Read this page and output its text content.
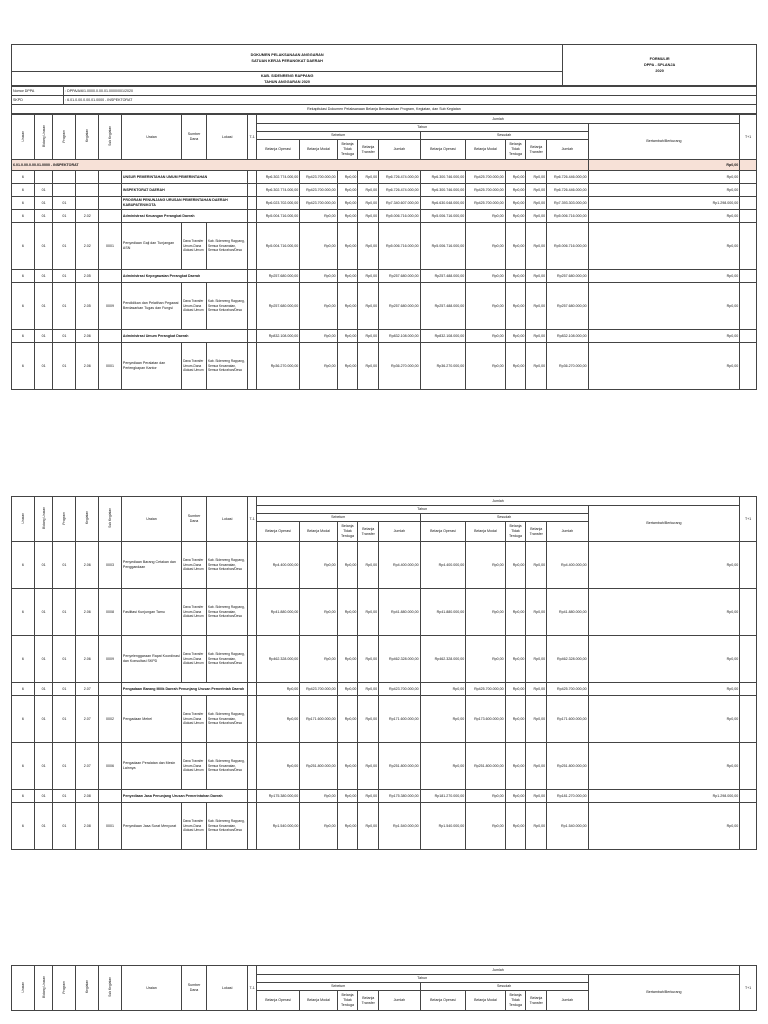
DOKUMEN PELAKSANAAN ANGGARAN
SATUAN KERJA PERANGKAT DAERAH	FORMULIR
DPPA - SPLANJA
2020

KAB. SIDENRENG RAPPANG
TAHUN ANGGARAN 2020
Nomor DPPA	: DPPA/A/6/1.0000.0.00.01.0000/001/2020
SKPD	: 6.01.0.00.0.00.01.0000 - INSPEKTORAT
Rekapitulasi Dokumen Pelaksanaan Belanja Berdasarkan Program, Kegiatan, dan Sub Kegiatan	
Urusan	Bidang Urusan	Program	Kegiatan	Sub Kegiatan	Uraian	Sumber Dana	Lokasi	T-1	Jumlah											T+1
									Tahun										Bertambah/Berkurang	
									Sebelum					Sesudah						
									Belanja Operasi	Belanja Modal	Belanja Tidak Terduga	Belanja Transfer	Jumlah	Belanja Operasi	Belanja Modal	Belanja Tidak Terduga	Belanja Transfer	Jumlah		
6.01.0.00.0.00.01.0000 - INSPEKTORAT																			Rp0,00	
6					UNSUR PEMERINTAHAN UMUM PEMERINTAHAN				Rp6.302.774.000,00	Rp423.700.000,00	Rp0,00	Rp0,00	Rp6.726.474.000,00	Rp6.300.746.000,00	Rp425.700.000,00	Rp0,00	Rp0,00	Rp6.726.446.000,00	Rp0,00	
6	01				INSPEKTORAT DAERAH				Rp6.302.774.000,00	Rp423.700.000,00	Rp0,00	Rp0,00	Rp6.726.474.000,00	Rp6.300.746.000,00	Rp425.700.000,00	Rp0,00	Rp0,00	Rp6.726.446.000,00	Rp0,00	
6	01	01			PROGRAM PENUNJANG URUSAN PEMERINTAHAN DAERAH KABUPATEN/KOTA				Rp6.023.702.000,00	Rp423.700.000,00	Rp0,00	Rp0,00	Rp7.340.607.000,00	Rp6.630.048.000,00	Rp425.700.000,00	Rp0,00	Rp0,00	Rp7.393.303.000,00	Rp1.298.000,00	
6	01	01	2.02		Administrasi Keuangan Perangkat Daerah				Rp5.004.716.000,00	Rp0,00	Rp0,00	Rp0,00	Rp5.006.716.000,00	Rp5.006.716.000,00	Rp0,00	Rp0,00	Rp0,00	Rp5.006.716.000,00	Rp0,00	
6	01	01	2.02	0001	Penyediaan Gaji dan Tunjangan ASN	Dana Transfer Umum-Dana Alokasi Umum	Kab. Sidenreng Rappang, Semua Kecamatan, Semua Kelurahan/Desa		Rp5.004.716.000,00	Rp0,00	Rp0,00	Rp0,00	Rp5.006.716.000,00	Rp5.006.716.000,00	Rp0,00	Rp0,00	Rp0,00	Rp5.006.716.000,00	Rp0,00	
6	01	01	2.05		Administrasi Kepegawaian Perangkat Daerah				Rp257.680.000,00	Rp0,00	Rp0,00	Rp0,00	Rp257.680.000,00	Rp257.488.000,00	Rp0,00	Rp0,00	Rp0,00	Rp257.680.000,00	Rp0,00	
6	01	01	2.05	0009	Pendidikan dan Pelatihan Pegawai Berdasarkan Tugas dan Fungsi	Dana Transfer Umum-Dana Alokasi Umum	Kab. Sidenreng Rappang, Semua Kecamatan, Semua Kelurahan/Desa		Rp257.680.000,00	Rp0,00	Rp0,00	Rp0,00	Rp257.680.000,00	Rp257.488.000,00	Rp0,00	Rp0,00	Rp0,00	Rp257.680.000,00	Rp0,00	
6	01	01	2.06		Administrasi Umum Perangkat Daerah				Rp832.108.000,00	Rp0,00	Rp0,00	Rp0,00	Rp832.108.000,00	Rp832.108.000,00	Rp0,00	Rp0,00	Rp0,00	Rp832.108.000,00	Rp0,00	
6	01	01	2.06	0001	Penyediaan Peralatan dan Perlengkapan Kantor	Dana Transfer Umum-Dana Alokasi Umum	Kab. Sidenreng Rappang, Semua Kecamatan, Semua Kelurahan/Desa		Rp36.270.000,00	Rp0,00	Rp0,00	Rp0,00	Rp36.270.000,00	Rp36.270.000,00	Rp0,00	Rp0,00	Rp0,00	Rp36.270.000,00	Rp0,00	
Urusan	Bidang Urusan	Program	Kegiatan	Sub Kegiatan	Uraian	Sumber Dana	Lokasi	T-1	Jumlah											T+1
									Tahun										Bertambah/Berkurang	
									Sebelum					Sesudah						
									Belanja Operasi	Belanja Modal	Belanja Tidak Terduga	Belanja Transfer	Jumlah	Belanja Operasi	Belanja Modal	Belanja Tidak Terduga	Belanja Transfer	Jumlah		
6	01	01	2.06	0003	Penyediaan Barang Cetakan dan Penggandaan	Dana Transfer Umum-Dana Alokasi Umum	Kab. Sidenreng Rappang, Semua Kecamatan, Semua Kelurahan/Desa		Rp4.400.000,00	Rp0,00	Rp0,00	Rp0,00	Rp4.400.000,00	Rp4.400.000,00	Rp0,00	Rp0,00	Rp0,00	Rp4.400.000,00	Rp0,00	
6	01	01	2.06	0008	Fasilitasi Kunjungan Tamu	Dana Transfer Umum-Dana Alokasi Umum	Kab. Sidenreng Rappang, Semua Kecamatan, Semua Kelurahan/Desa		Rp41.880.000,00	Rp0,00	Rp0,00	Rp0,00	Rp41.880.000,00	Rp41.880.000,00	Rp0,00	Rp0,00	Rp0,00	Rp41.880.000,00	Rp0,00	
6	01	01	2.06	0009	Penyelenggaraan Rapat Koordinasi dan Konsultasi SKPD	Dana Transfer Umum-Dana Alokasi Umum	Kab. Sidenreng Rappang, Semua Kecamatan, Semua Kelurahan/Desa		Rp462.328.000,00	Rp0,00	Rp0,00	Rp0,00	Rp462.328.000,00	Rp462.328.000,00	Rp0,00	Rp0,00	Rp0,00	Rp462.328.000,00	Rp0,00	
6	01	01	2.07		Pengadaan Barang Milik Daerah Penunjang Urusan Pemerintah Daerah				Rp0,00	Rp423.700.000,00	Rp0,00	Rp0,00	Rp423.700.000,00	Rp0,00	Rp425.700.000,00	Rp0,00	Rp0,00	Rp425.700.000,00	Rp0,00	
6	01	01	2.07	0002	Pengadaan Mebel	Dana Transfer Umum-Dana Alokasi Umum	Kab. Sidenreng Rappang, Semua Kecamatan, Semua Kelurahan/Desa		Rp0,00	Rp171.600.000,00	Rp0,00	Rp0,00	Rp171.600.000,00	Rp0,00	Rp173.600.000,00	Rp0,00	Rp0,00	Rp171.600.000,00	Rp0,00	
6	01	01	2.07	0006	Pengadaan Peralatan dan Mesin Lainnya	Dana Transfer Umum-Dana Alokasi Umum	Kab. Sidenreng Rappang, Semua Kecamatan, Semua Kelurahan/Desa		Rp0,00	Rp251.800.000,00	Rp0,00	Rp0,00	Rp251.800.000,00	Rp0,00	Rp251.800.000,00	Rp0,00	Rp0,00	Rp251.800.000,00	Rp0,00	
6	01	01	2.08		Penyediaan Jasa Penunjang Urusan Pemerintahan Daerah				Rp175.380.000,00	Rp0,00	Rp0,00	Rp0,00	Rp175.380.000,00	Rp181.270.000,00	Rp0,00	Rp0,00	Rp0,00	Rp181.270.000,00	Rp1.298.000,00	
6	01	01	2.08	0001	Penyediaan Jasa Surat Menyurat	Dana Transfer Umum-Dana Alokasi Umum	Kab. Sidenreng Rappang, Semua Kecamatan, Semua Kelurahan/Desa		Rp1.540.000,00	Rp0,00	Rp0,00	Rp0,00	Rp1.540.000,00	Rp1.540.000,00	Rp0,00	Rp0,00	Rp0,00	Rp1.540.000,00	Rp0,00	
Urusan	Bidang Urusan	Program	Kegiatan	Sub Kegiatan	Uraian	Sumber Dana	Lokasi	T-1	Jumlah											T+1
									Tahun										Bertambah/Berkurang	
									Sebelum					Sesudah						
									Belanja Operasi	Belanja Modal	Belanja Tidak Terduga	Belanja Transfer	Jumlah	Belanja Operasi	Belanja Modal	Belanja Tidak Terduga	Belanja Transfer	Jumlah		
